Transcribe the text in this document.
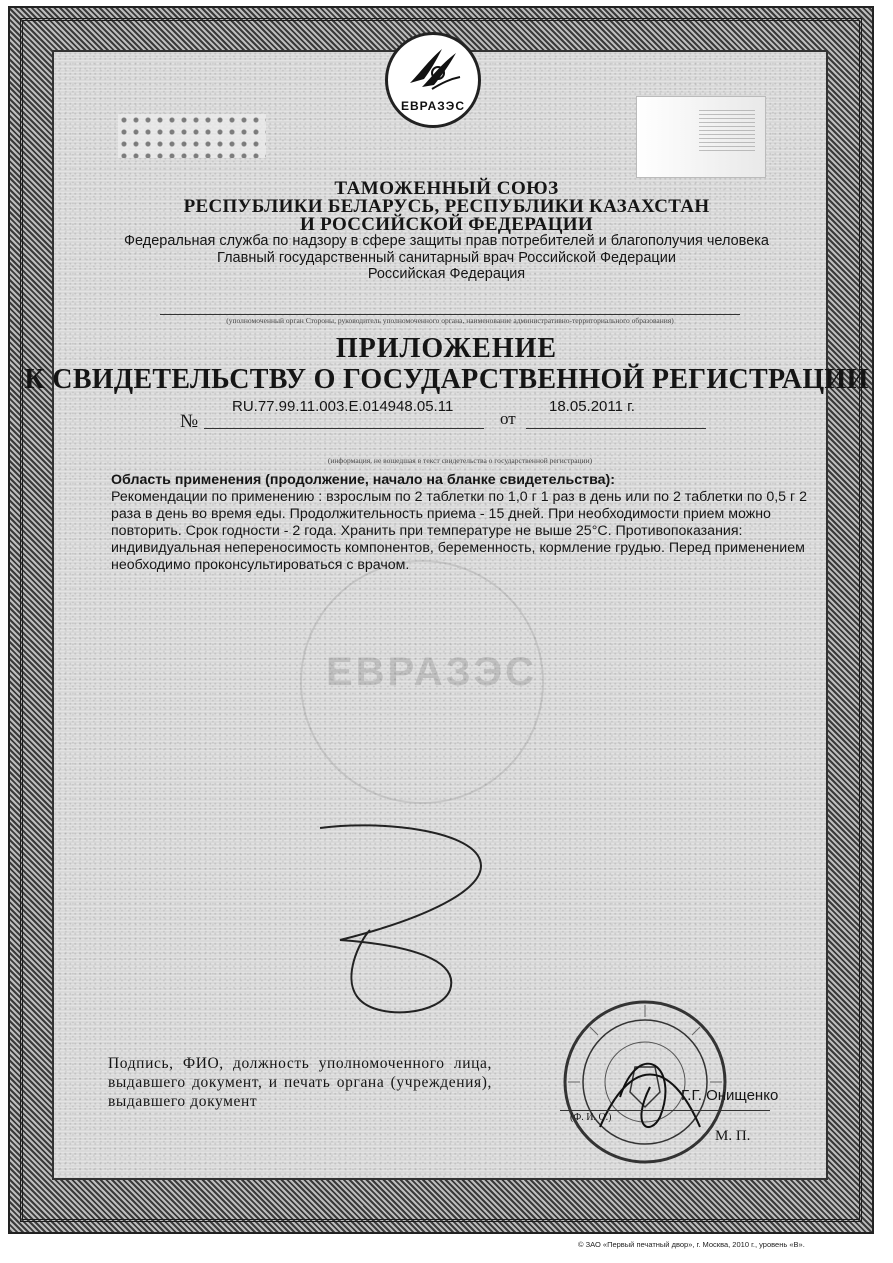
ЕВРАЗЭС
ТАМОЖЕННЫЙ СОЮЗ
РЕСПУБЛИКИ БЕЛАРУСЬ, РЕСПУБЛИКИ КАЗАХСТАН
И РОССИЙСКОЙ ФЕДЕРАЦИИ
Федеральная служба по надзору в сфере защиты прав потребителей и благополучия человека
Главный государственный санитарный врач Российской Федерации
Российская Федерация
(уполномоченный орган Стороны, руководитель уполномоченного органа, наименование административно-территориального образования)
ПРИЛОЖЕНИЕ
К СВИДЕТЕЛЬСТВУ О ГОСУДАРСТВЕННОЙ РЕГИСТРАЦИИ
№
RU.77.99.11.003.Е.014948.05.11
от
18.05.2011 г.
(информация, не вошедшая в текст свидетельства о государственной регистрации)
Область применения (продолжение, начало на бланке свидетельства):
Рекомендации по применению : взрослым по 2 таблетки по 1,0 г 1 раз в день или по 2 таблетки по 0,5 г 2 раза в день во время еды. Продолжительность приема - 15 дней. При необходимости прием можно повторить. Срок годности - 2 года. Хранить при температуре не выше 25°С. Противопоказания: индивидуальная непереносимость компонентов, беременность, кормление грудью. Перед применением необходимо проконсультироваться с врачом.
ЕВРАЗЭС
Подпись, ФИО, должность уполномоченного лица, выдавшего документ, и печать органа (учреждения), выдавшего документ
(Ф. И. О.)
Г.Г. Онищенко
М. П.
© ЗАО «Первый печатный двор», г. Москва, 2010 г., уровень «В».
